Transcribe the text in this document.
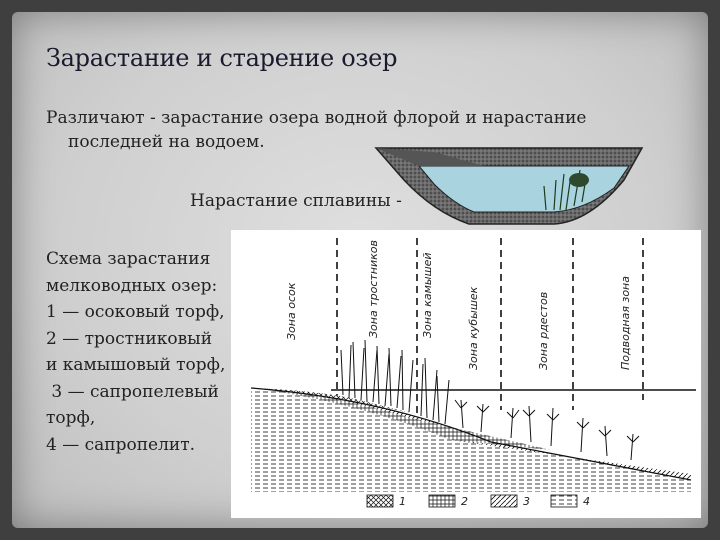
Зарастание и старение озер
Различают - зарастание озера водной флорой и нарастание
последней на водоем.
Нарастание сплавины -
Схема зарастания
мелководных озер:
1 — осоковый торф,
2 — тростниковый
и камышовый торф,
3 — сапропелевый
торф,
4 — сапропелит.
Зона осок	Зона тростников	Зона камышей	Зона кубышек	Зона рдестов	Подводная зона
1	2	3	4
